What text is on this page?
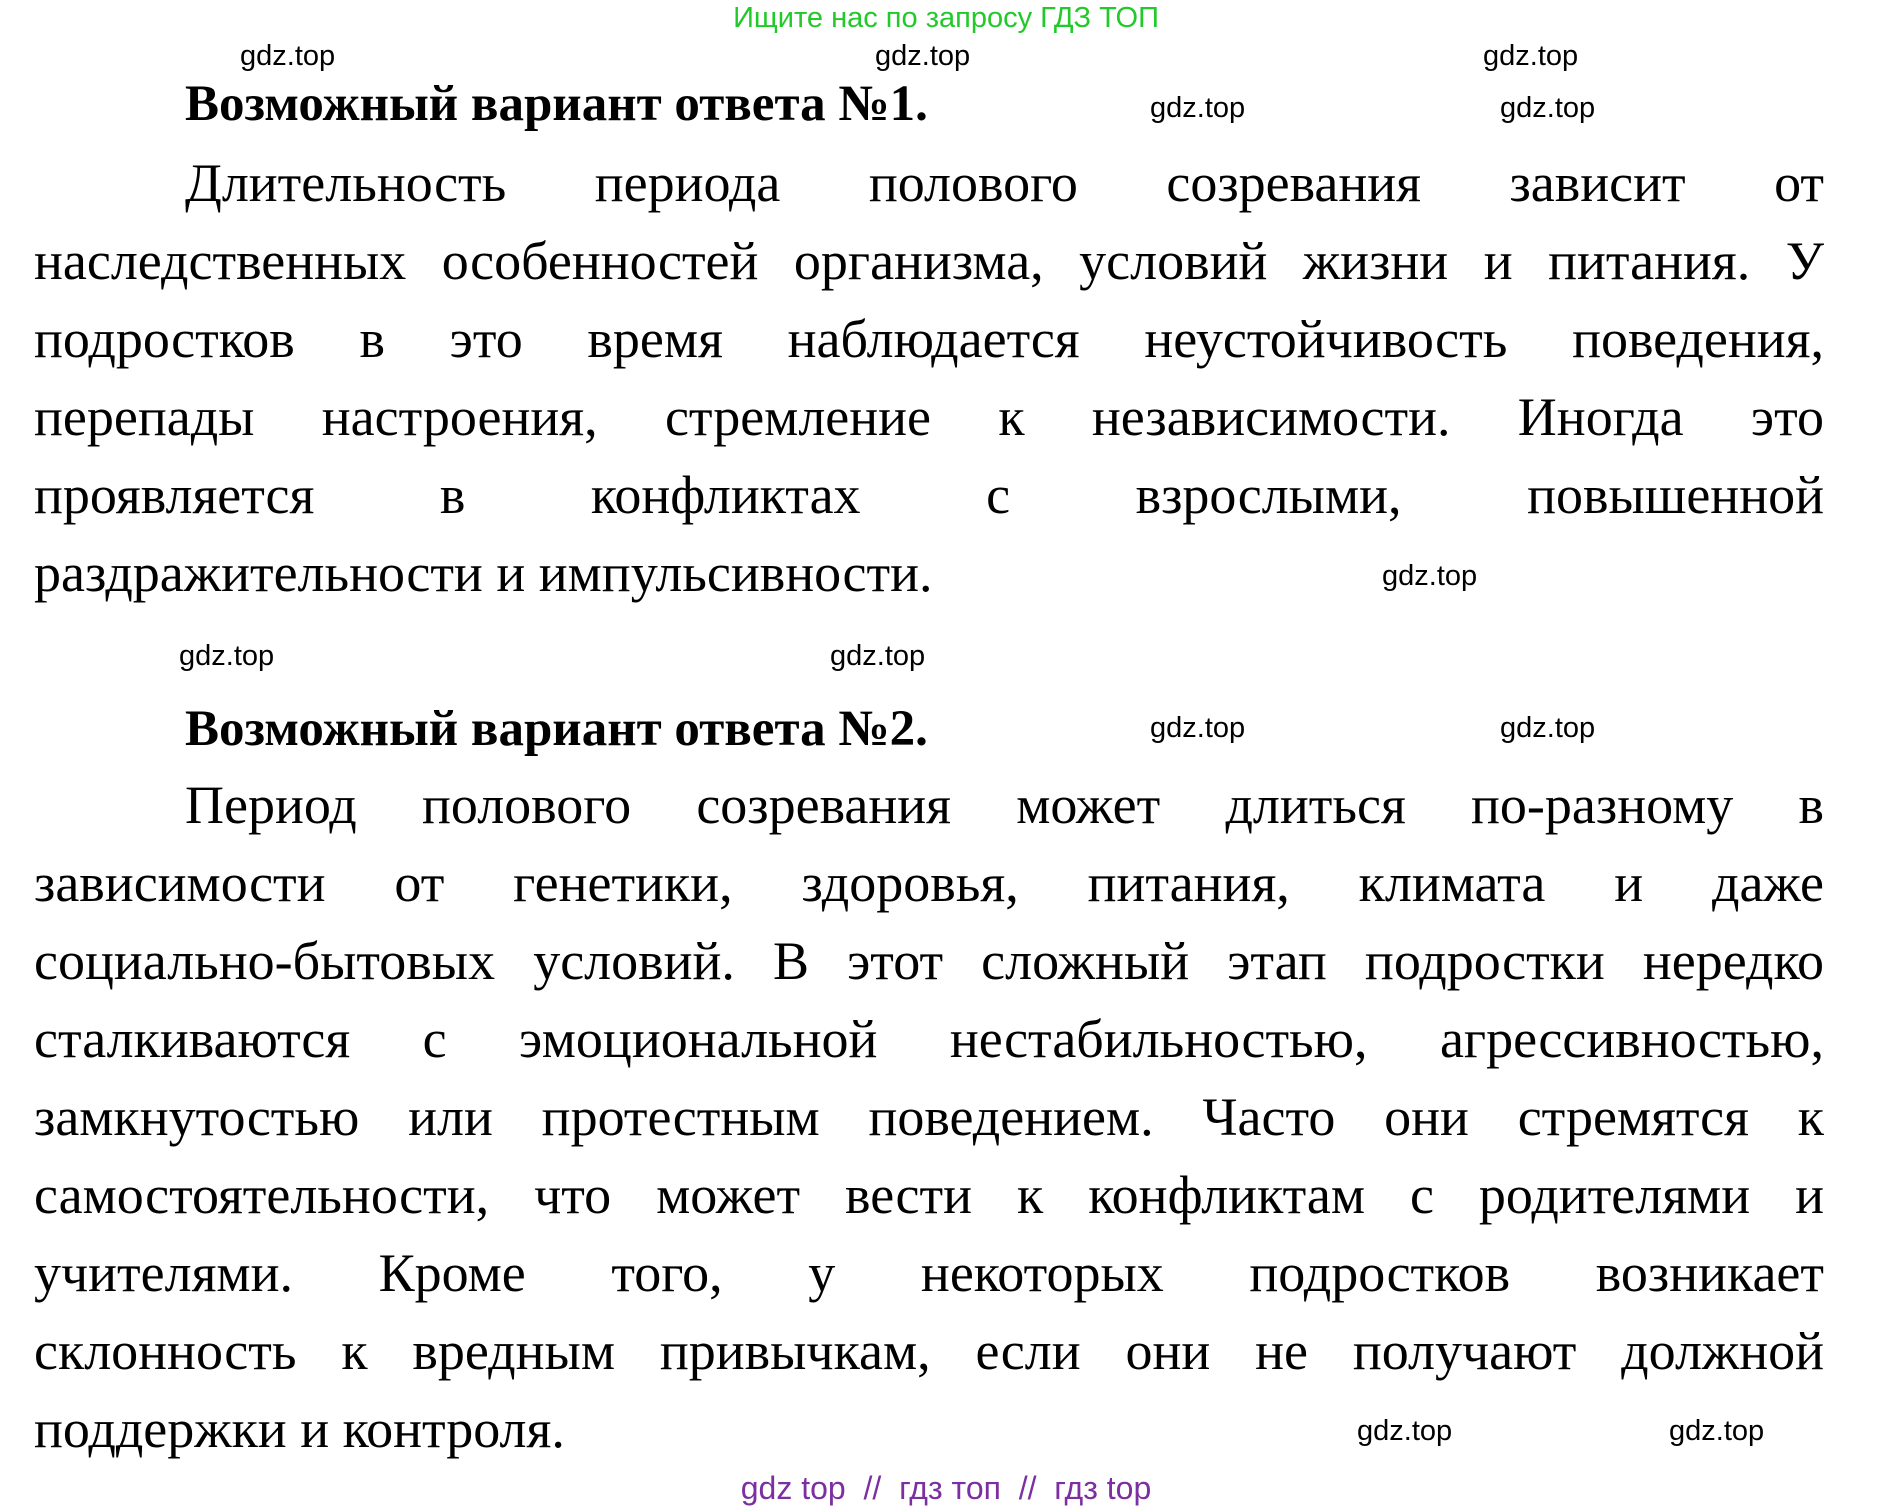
Ищите нас по запросу ГДЗ ТОП
Возможный вариант ответа №1.
Длительность периода полового созревания зависит от
наследственных особенностей организма, условий жизни и питания. У
подростков в это время наблюдается неустойчивость поведения,
перепады настроения, стремление к независимости. Иногда это
проявляется в конфликтах с взрослыми, повышенной
раздражительности и импульсивности.
Возможный вариант ответа №2.
Период полового созревания может длиться по-разному в
зависимости от генетики, здоровья, питания, климата и даже
социально-бытовых условий. В этот сложный этап подростки нередко
сталкиваются с эмоциональной нестабильностью, агрессивностью,
замкнутостью или протестным поведением. Часто они стремятся к
самостоятельности, что может вести к конфликтам с родителями и
учителями. Кроме того, у некоторых подростков возникает
склонность к вредным привычкам, если они не получают должной
поддержки и контроля.
gdz.top	gdz.top	gdz.top
gdz.top	gdz.top
gdz.top
gdz.top	gdz.top
gdz.top	gdz.top
gdz.top	gdz.top
gdz top  //  гдз топ  //  гдз top
